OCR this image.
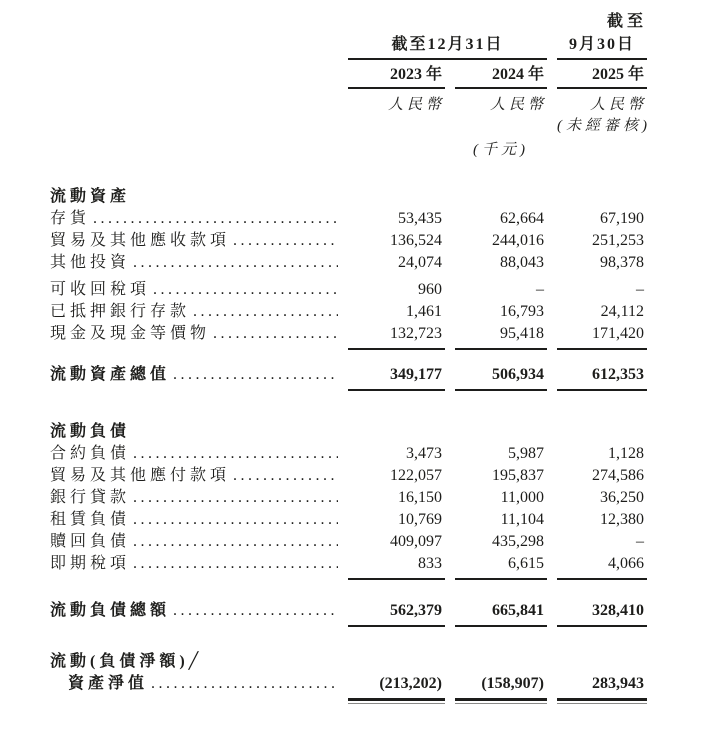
截至
截至12月31日	9月30日
2023 年	2024 年	2025 年
人民幣	人民幣	人民幣
(未經審核)
(千元)
流動資產
存貨 .....	53,435	62,664	67,190
貿易及其他應收款項 .....	136,524	244,016	251,253
其他投資 .....	24,074	88,043	98,378
可收回稅項 .....	960	–	–
已抵押銀行存款 .....	1,461	16,793	24,112
現金及現金等價物 .....	132,723	95,418	171,420
流動資產總值 .....	349,177	506,934	612,353
流動負債
合約負債 .....	3,473	5,987	1,128
貿易及其他應付款項 .....	122,057	195,837	274,586
銀行貸款 .....	16,150	11,000	36,250
租賃負債 .....	10,769	11,104	12,380
贖回負債 .....	409,097	435,298	–
即期稅項 .....	833	6,615	4,066
流動負債總額 .....	562,379	665,841	328,410
流動(負債淨額)╱
資產淨值 .....	(213,202)	(158,907)	283,943
